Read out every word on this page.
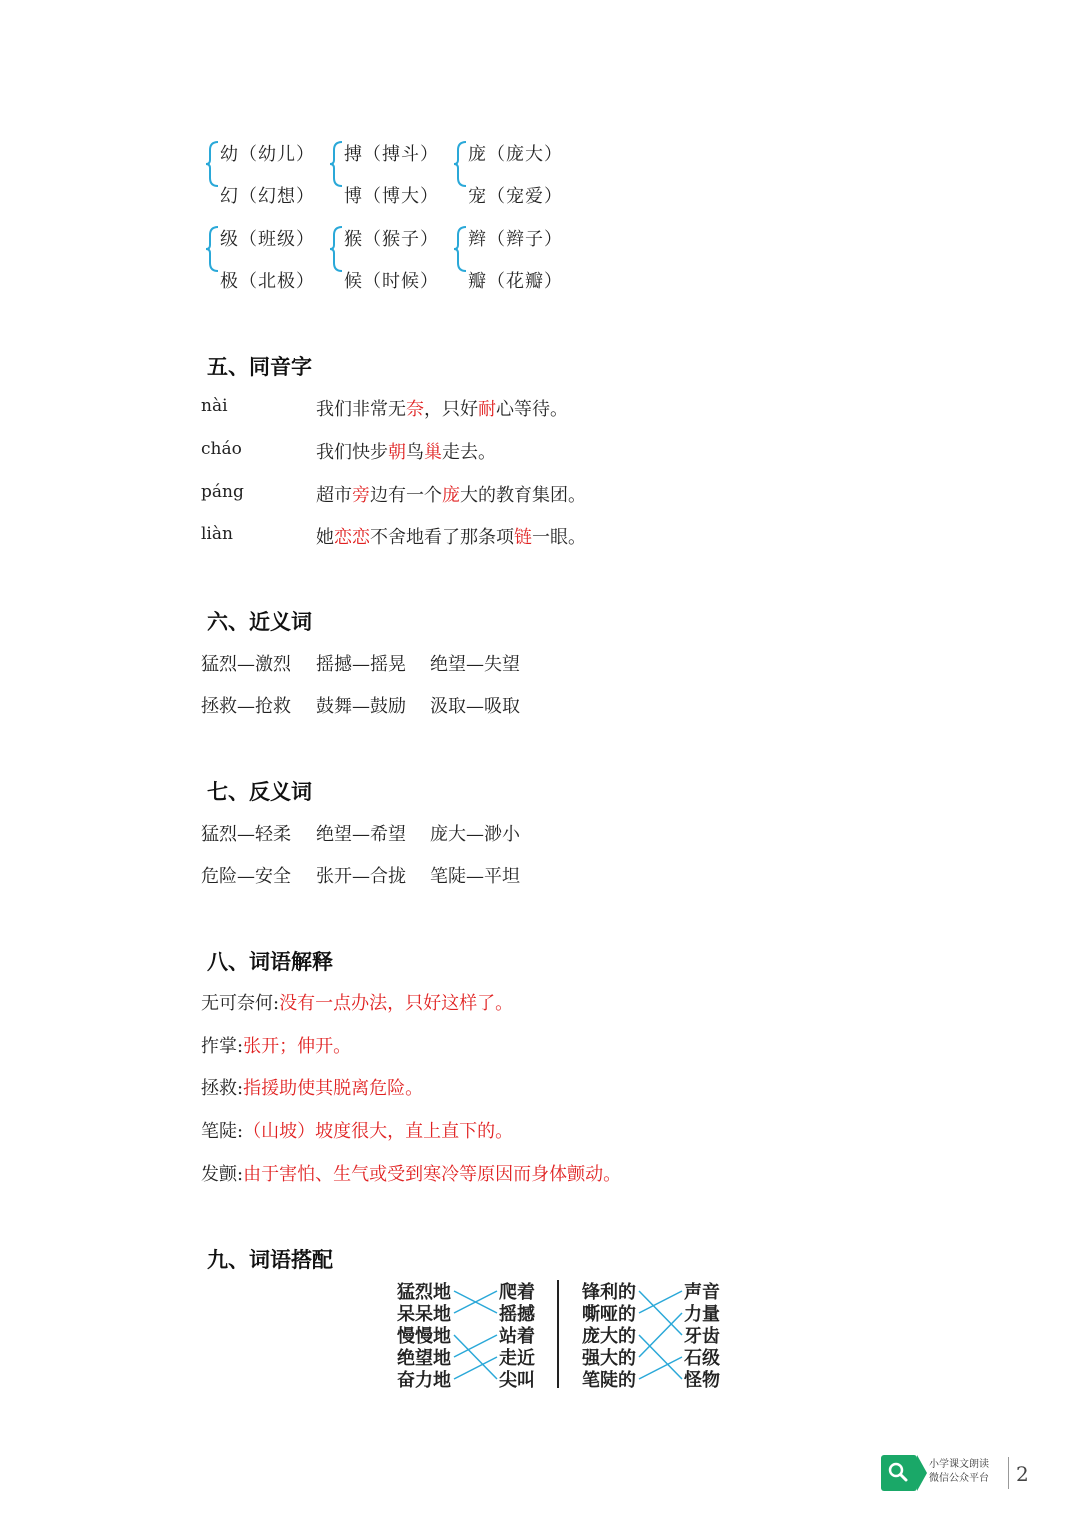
幼（幼儿）
幻（幻想）
搏（搏斗）
博（博大）
庞（庞大）
宠（宠爱）
级（班级）
极（北极）
猴（猴子）
候（时候）
辫（辫子）
瓣（花瓣）
五、同音字
nài	我们非常无奈，只好耐心等待。
cháo	我们快步朝鸟巢走去。
páng	超市旁边有一个庞大的教育集团。
liàn	她恋恋不舍地看了那条项链一眼。
六、近义词
猛烈—激烈 摇撼—摇晃 绝望—失望
拯救—抢救 鼓舞—鼓励 汲取—吸取
七、反义词
猛烈—轻柔 绝望—希望 庞大—渺小
危险—安全 张开—合拢 笔陡—平坦
八、词语解释
无可奈何:没有一点办法，只好这样了。
拃掌:张开；伸开。
拯救:指援助使其脱离危险。
笔陡:（山坡）坡度很大，直上直下的。
发颤:由于害怕、生气或受到寒冷等原因而身体颤动。
九、词语搭配
猛烈地
呆呆地
慢慢地
绝望地
奋力地
爬着
摇撼
站着
走近
尖叫
锋利的
嘶哑的
庞大的
强大的
笔陡的
声音
力量
牙齿
石级
怪物
小学课文朗读
微信公众平台 2
